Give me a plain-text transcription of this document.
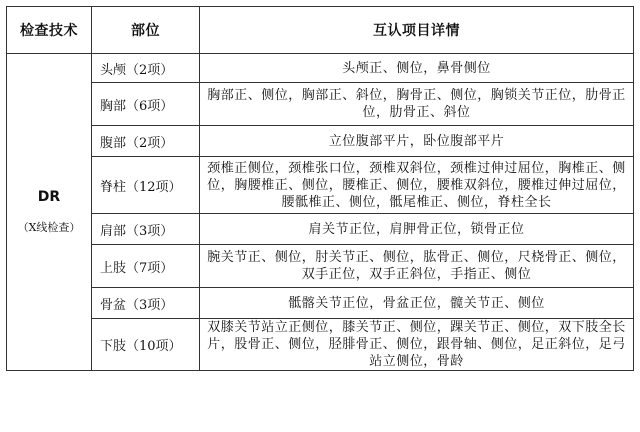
检查技术	部位	互认项目详情

DR
（X线检查）	头颅（2项）	头颅正、侧位，鼻骨侧位
	胸部（6项）	胸部正、侧位，胸部正、斜位，胸骨正、侧位，胸锁关节正位，肋骨正位，肋骨正、斜位
	腹部（2项）	立位腹部平片，卧位腹部平片
	脊柱（12项）	颈椎正侧位，颈椎张口位，颈椎双斜位，颈椎过伸过屈位，胸椎正、侧位，胸腰椎正、侧位，腰椎正、侧位，腰椎双斜位，腰椎过伸过屈位，腰骶椎正、侧位，骶尾椎正、侧位，脊柱全长
	肩部（3项）	肩关节正位，肩胛骨正位，锁骨正位
	上肢（7项）	腕关节正、侧位，肘关节正、侧位，肱骨正、侧位，尺桡骨正、侧位，双手正位，双手正斜位，手指正、侧位
	骨盆（3项）	骶髂关节正位，骨盆正位，髋关节正、侧位
	下肢（10项）	双膝关节站立正侧位，膝关节正、侧位，踝关节正、侧位，双下肢全长片，股骨正、侧位，胫腓骨正、侧位，跟骨轴、侧位，足正斜位，足弓站立侧位，骨龄
